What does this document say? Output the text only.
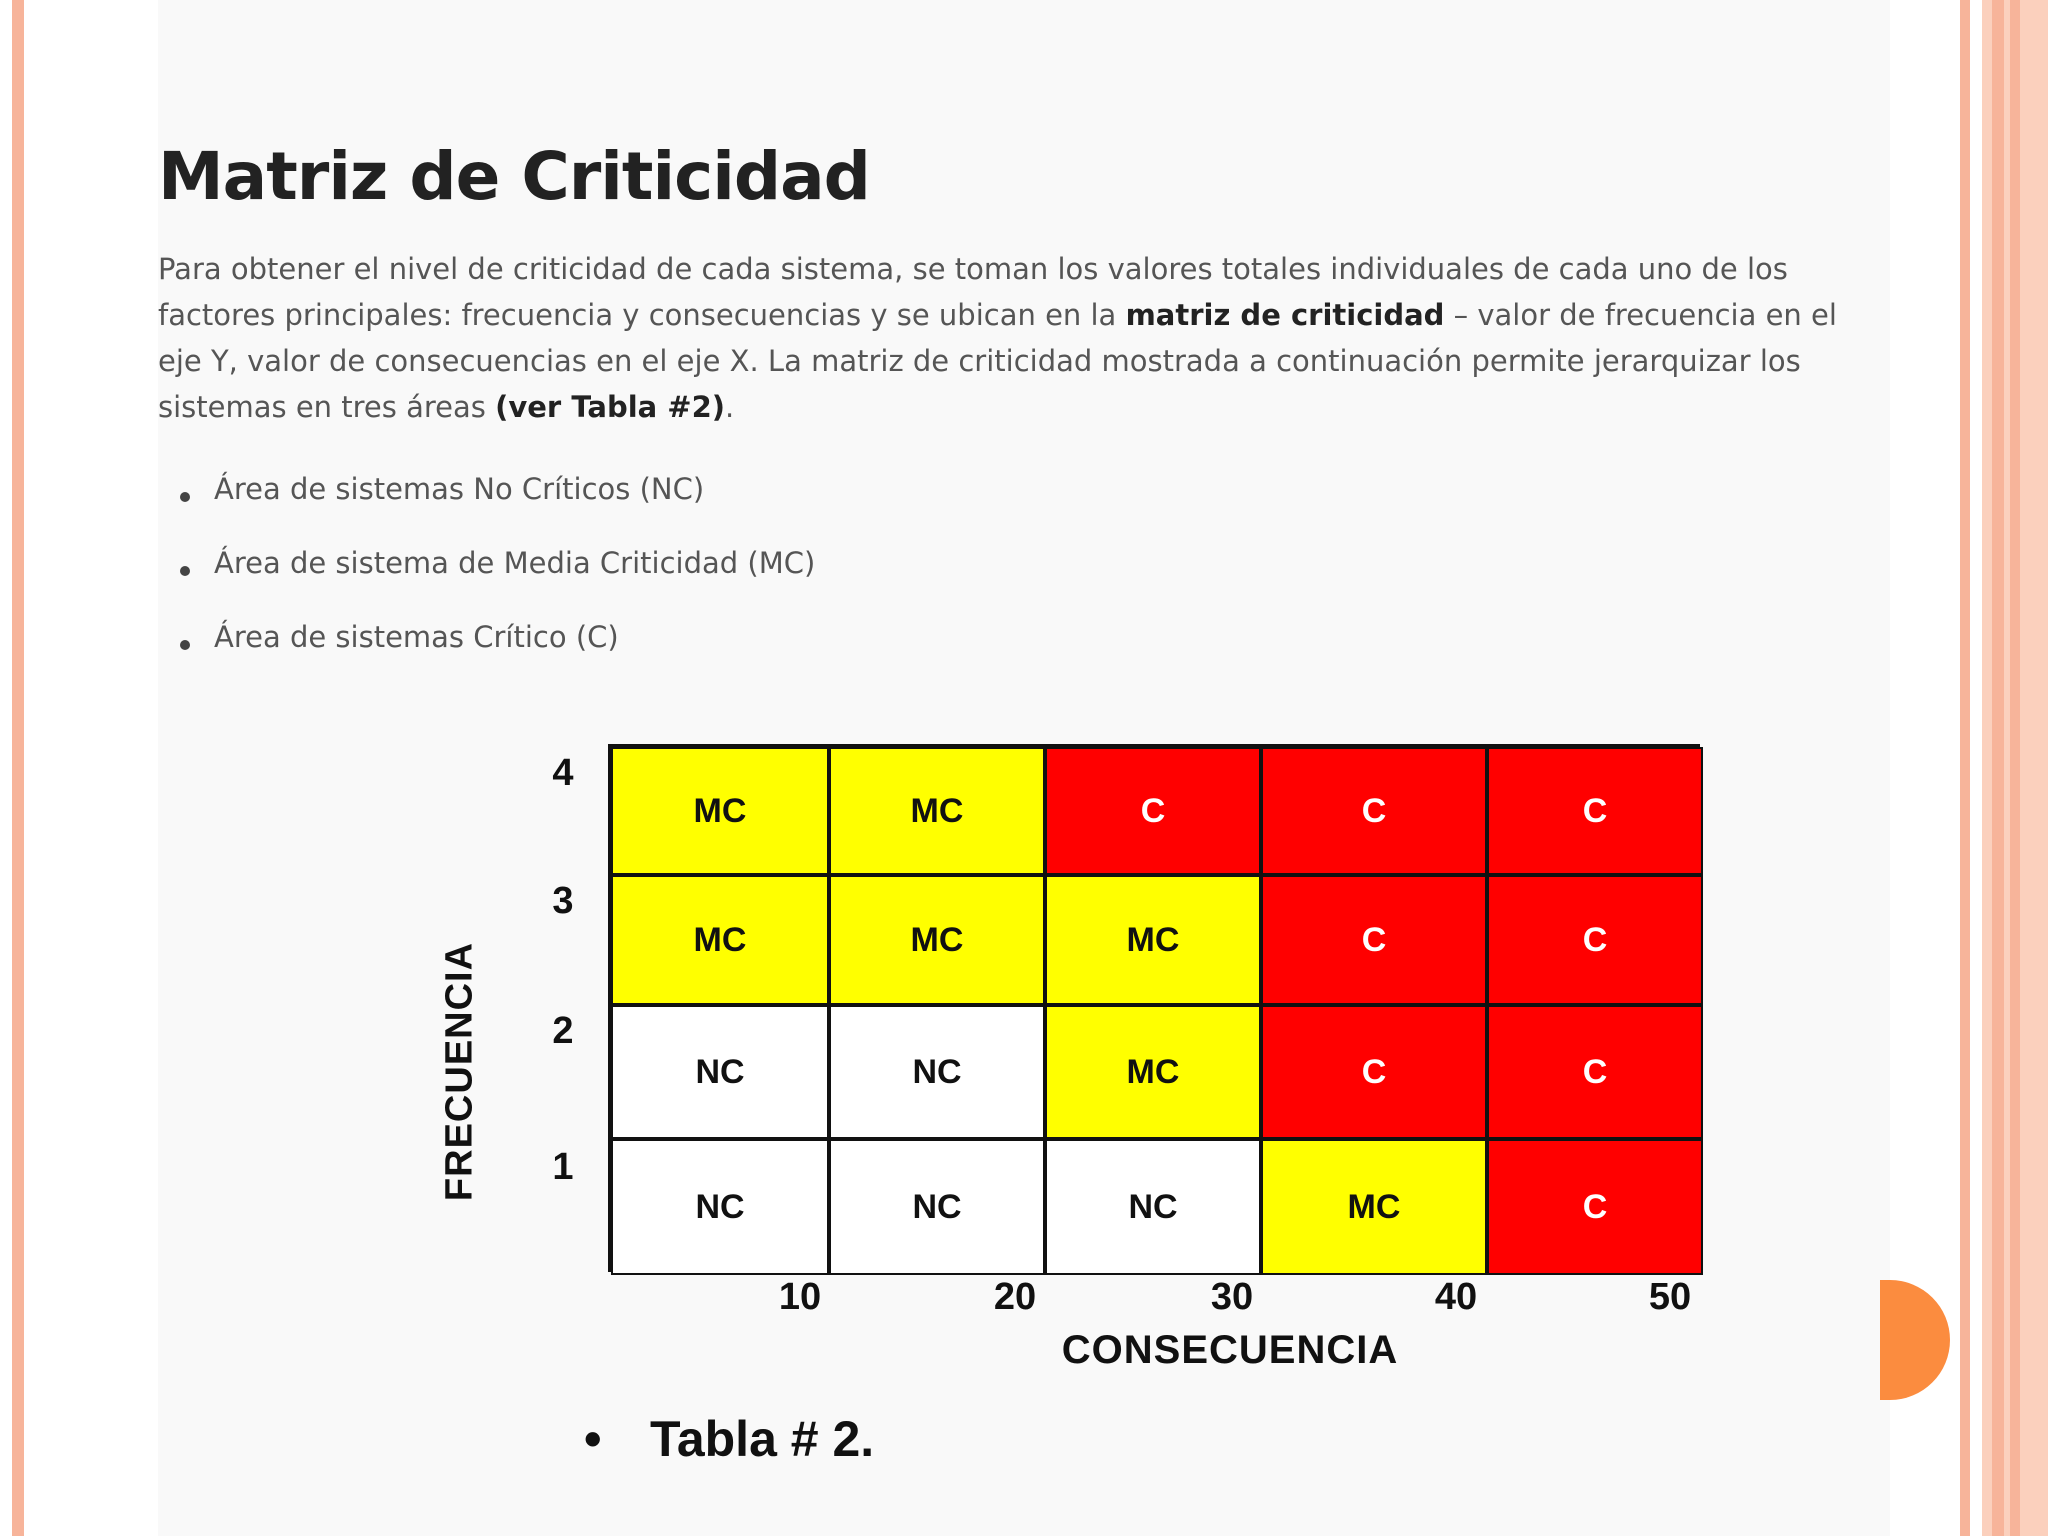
Matriz de Criticidad
Para obtener el nivel de criticidad de cada sistema, se toman los valores totales individuales de cada uno de los factores principales: frecuencia y consecuencias y se ubican en la matriz de criticidad – valor de frecuencia en el eje Y, valor de consecuencias en el eje X. La matriz de criticidad mostrada a continuación permite jerarquizar los sistemas en tres áreas (ver Tabla #2).
Área de sistemas No Críticos (NC)
Área de sistema de Media Criticidad (MC)
Área de sistemas Crítico (C)
FRECUENCIA
4
3
2
1
MC	MC	C	C	C
MC	MC	MC	C	C
NC	NC	MC	C	C
NC	NC	NC	MC	C
10	20	30	40	50
CONSECUENCIA
• Tabla # 2.
